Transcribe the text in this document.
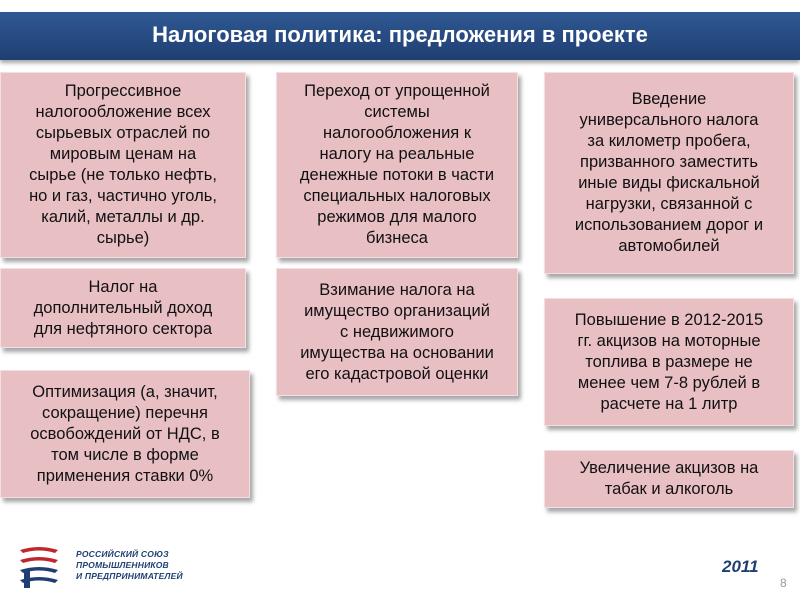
Налоговая политика: предложения в проекте
Прогрессивное
налогообложение всех
сырьевых отраслей по
мировым ценам на
сырье (не только нефть,
но и газ, частично уголь,
калий, металлы и др.
сырье)
Налог на
дополнительный доход
для нефтяного сектора
Оптимизация (а, значит,
сокращение) перечня
освобождений от НДС, в
том числе в форме
применения ставки 0%
Переход от упрощенной
системы
налогообложения к
налогу на реальные
денежные потоки в части
специальных налоговых
режимов для малого
бизнеса
Взимание налога на
имущество организаций
с недвижимого
имущества на основании
его кадастровой оценки
Введение
универсального налога
за километр пробега,
призванного заместить
иные виды фискальной
нагрузки, связанной с
использованием дорог и
автомобилей
Повышение в 2012-2015
гг. акцизов на моторные
топлива в размере не
менее чем 7-8 рублей в
расчете на 1 литр
Увеличение акцизов на
табак и алкоголь
РОССИЙСКИЙ СОЮЗ
ПРОМЫШЛЕННИКОВ
И ПРЕДПРИНИМАТЕЛЕЙ	2011
8
